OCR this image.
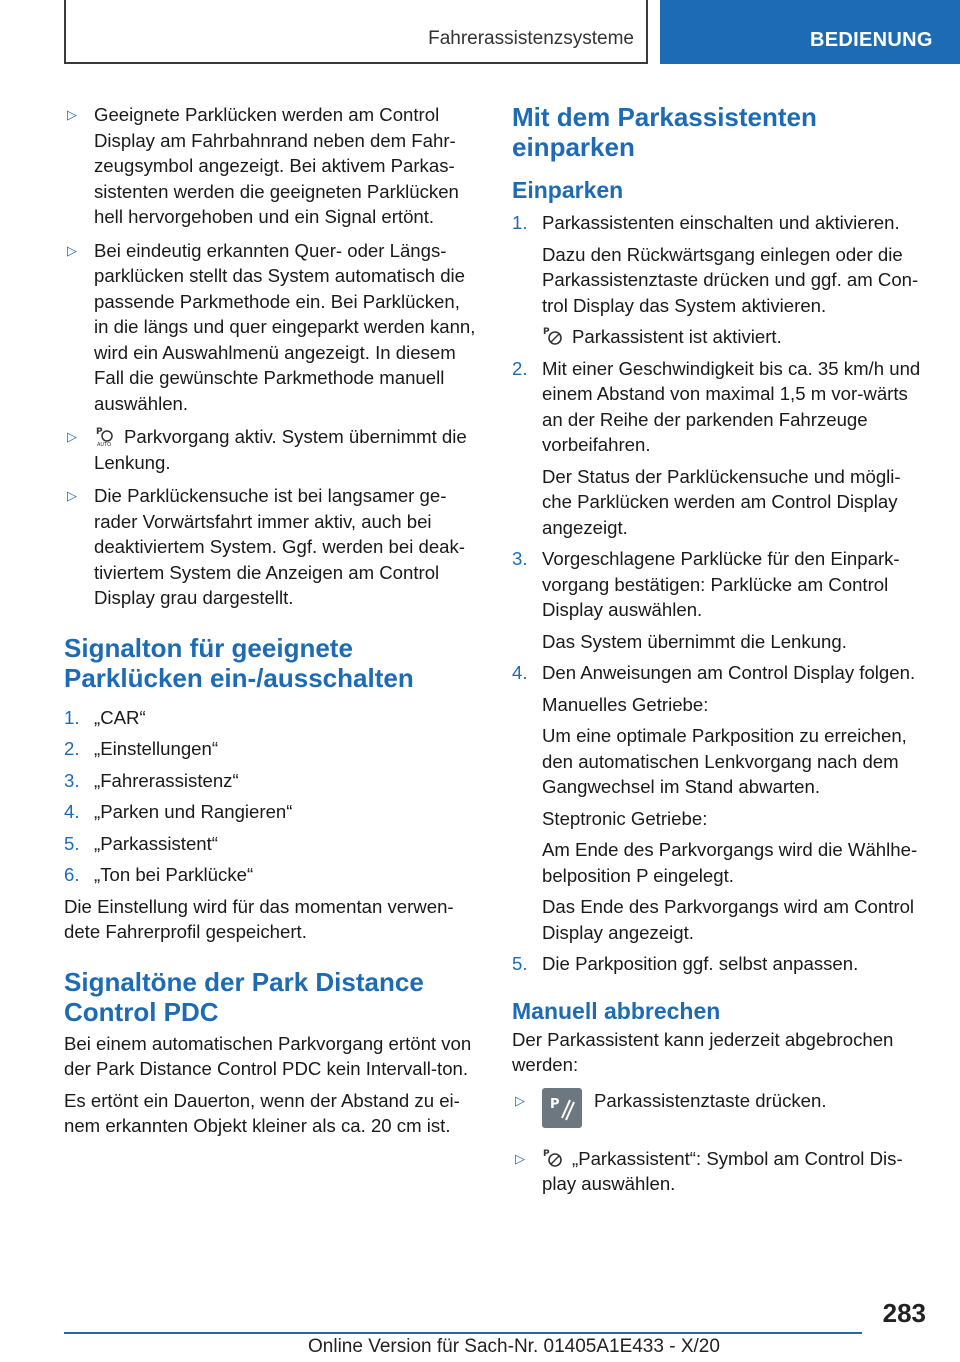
Fahrerassistenzsysteme	BEDIENUNG
▷ Geeignete Parklücken werden am Control Display am Fahrbahnrand neben dem Fahr-zeugsymbol angezeigt. Bei aktivem Parkas-sistenten werden die geeigneten Parklücken hell hervorgehoben und ein Signal ertönt.

▷ Bei eindeutig erkannten Quer- oder Längs-parklücken stellt das System automatisch die passende Parkmethode ein. Bei Parklücken, in die längs und quer eingeparkt werden kann, wird ein Auswahlmenü angezeigt. In diesem Fall die gewünschte Parkmethode manuell auswählen.

▷ P
AUTO Parkvorgang aktiv. System übernimmt die Lenkung.

▷ Die Parklückensuche ist bei langsamer ge-rader Vorwärtsfahrt immer aktiv, auch bei deaktiviertem System. Ggf. werden bei deak-tiviertem System die Anzeigen am Control Display grau dargestellt.

Signalton für geeignete Parklücken ein-/ausschalten
1. „CAR“
2. „Einstellungen“
3. „Fahrerassistenz“
4. „Parken und Rangieren“
5. „Parkassistent“
6. „Ton bei Parklücke“

Die Einstellung wird für das momentan verwen-dete Fahrerprofil gespeichert.

Signaltöne der Park Distance Control PDC

Bei einem automatischen Parkvorgang ertönt von der Park Distance Control PDC kein Intervall-ton.

Es ertönt ein Dauerton, wenn der Abstand zu ei-nem erkannten Objekt kleiner als ca. 20 cm ist.

Mit dem Parkassistenten einparken
Einparken
1. Parkassistenten einschalten und aktivieren.

Dazu den Rückwärtsgang einlegen oder die Parkassistenztaste drücken und ggf. am Con-trol Display das System aktivieren.

P Parkassistent ist aktiviert.

2. Mit einer Geschwindigkeit bis ca. 35 km/h und einem Abstand von maximal 1,5 m vor-wärts an der Reihe der parkenden Fahrzeuge vorbeifahren.

Der Status der Parklückensuche und mögli-che Parklücken werden am Control Display angezeigt.

3. Vorgeschlagene Parklücke für den Einpark-vorgang bestätigen: Parklücke am Control Display auswählen.

Das System übernimmt die Lenkung.

4. Den Anweisungen am Control Display folgen.

Manuelles Getriebe:

Um eine optimale Parkposition zu erreichen, den automatischen Lenkvorgang nach dem Gangwechsel im Stand abwarten.

Steptronic Getriebe:

Am Ende des Parkvorgangs wird die Wählhe-belposition P eingelegt.

Das Ende des Parkvorgangs wird am Control Display angezeigt.

5. Die Parkposition ggf. selbst anpassen.
Manuell abbrechen

Der Parkassistent kann jederzeit abgebrochen werden:

▷ P Parkassistenztaste drücken.

▷ P „Parkassistent“: Symbol am Control Dis-play auswählen.

283
Online Version für Sach-Nr. 01405A1E433 - X/20
